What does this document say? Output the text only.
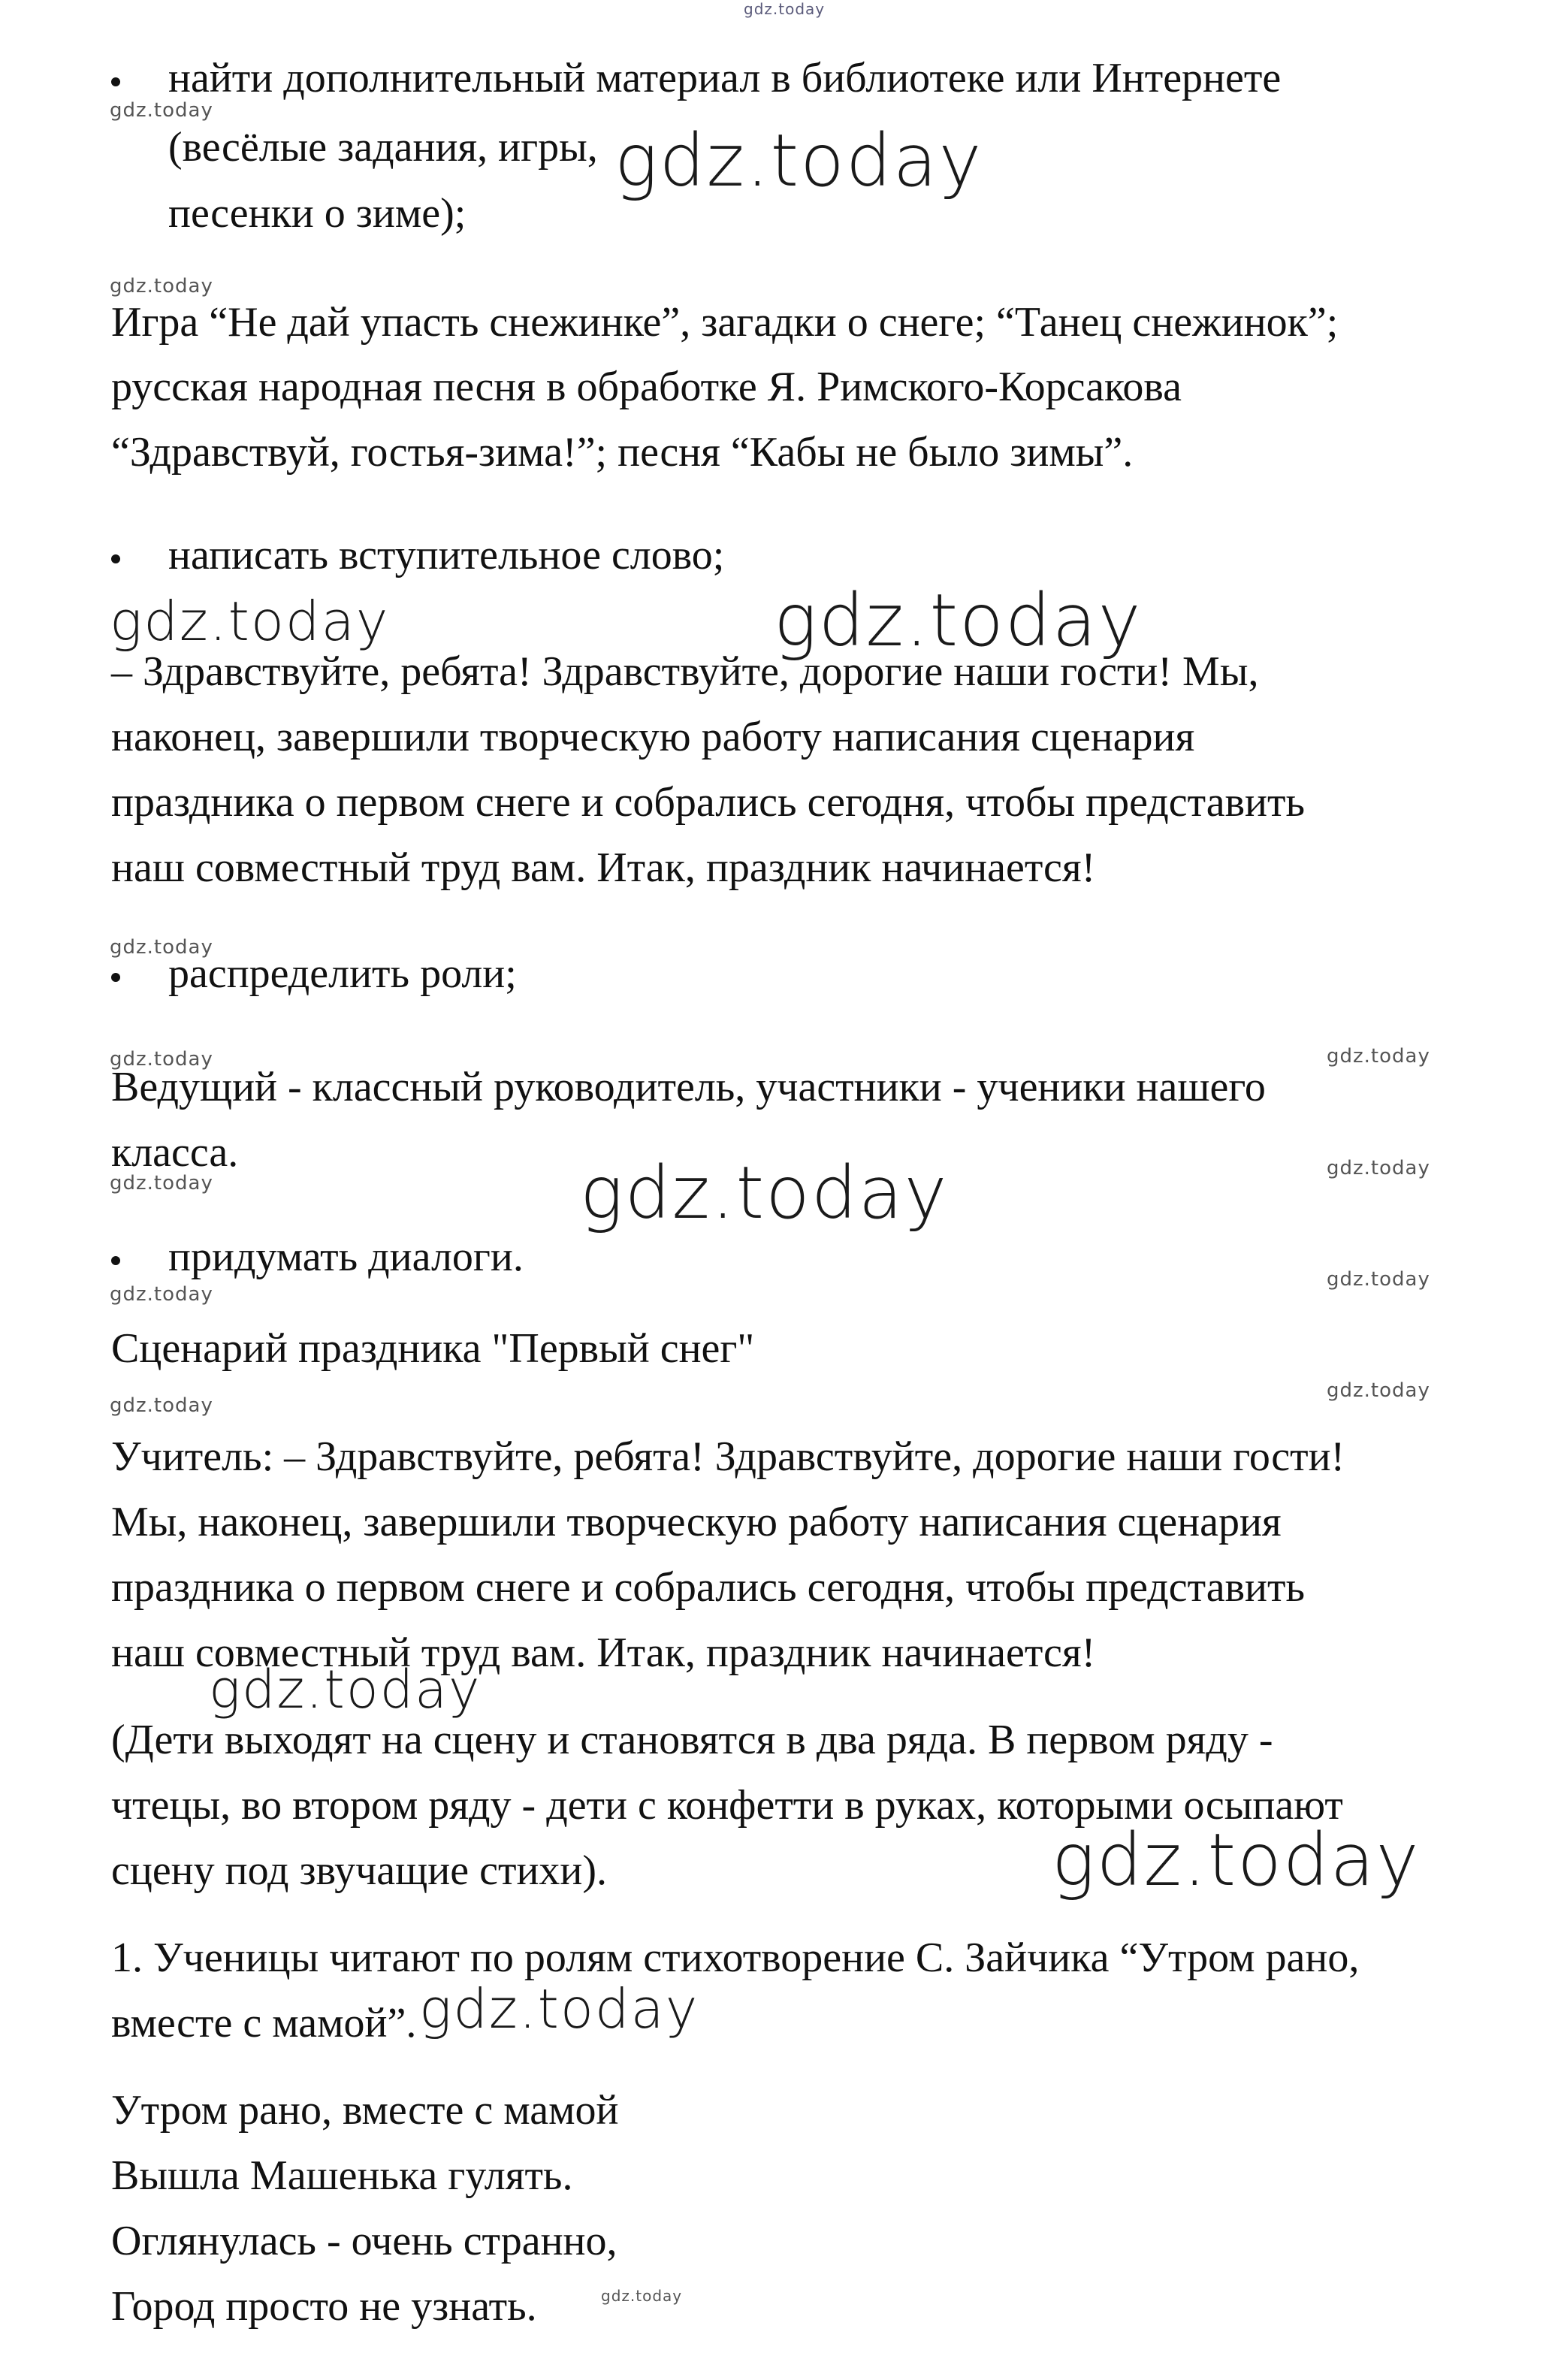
gdz.today
gdz.today
gdz.today
gdz.today
gdz.today	gdz.today
gdz.today
gdz.today	gdz.today
gdz.today	gdz.today	gdz.today
gdz.today
gdz.today
gdz.today
gdz.today
gdz.today
gdz.today
gdz.today
gdz.today

найти дополнительный материал в библиотеке или Интернете

(весёлые задания, игры,

песенки о зиме);

Игра “Не дай упасть снежинке”, загадки о снеге; “Танец снежинок”;

русская народная песня в обработке Я. Римского-Корсакова

“Здравствуй, гостья-зима!”; песня “Кабы не было зимы”.

написать вступительное слово;

– Здравствуйте, ребята! Здравствуйте, дорогие наши гости! Мы,

наконец, завершили творческую работу написания сценария

праздника о первом снеге и собрались сегодня, чтобы представить

наш совместный труд вам. Итак, праздник начинается!

распределить роли;

Ведущий - классный руководитель, участники - ученики нашего

класса.

придумать диалоги.

Сценарий праздника "Первый снег"

Учитель: – Здравствуйте, ребята! Здравствуйте, дорогие наши гости!

Мы, наконец, завершили творческую работу написания сценария

праздника о первом снеге и собрались сегодня, чтобы представить

наш совместный труд вам. Итак, праздник начинается!

(Дети выходят на сцену и становятся в два ряда. В первом ряду -

чтецы, во втором ряду - дети с конфетти в руках, которыми осыпают

сцену под звучащие стихи).

1. Ученицы читают по ролям стихотворение С. Зайчика “Утром рано,

вместе с мамой”.

Утром рано, вместе с мамой

Вышла Машенька гулять.

Оглянулась - очень странно,

Город просто не узнать.
